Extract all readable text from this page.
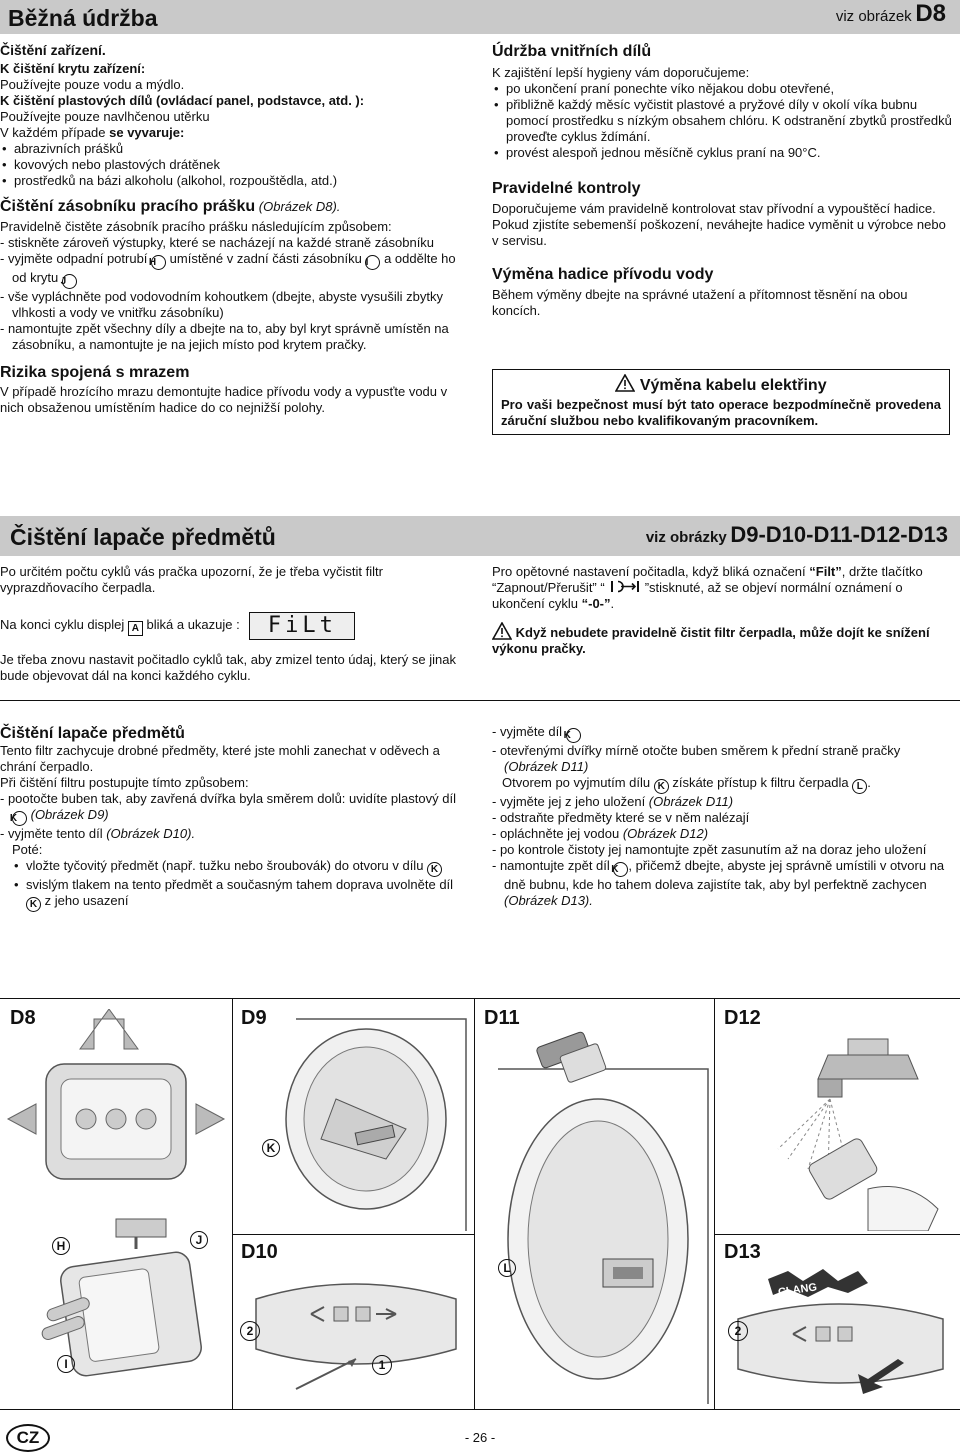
Běžná údržba	viz obrázek D8
Čištění zařízení.
K čištění krytu zařízení:
Používejte pouze vodu a mýdlo.
K čištění plastových dílů (ovládací panel, podstavce, atd. ):
Používejte pouze navlhčenou utěrku
V každém případe se vyvaruje:
• abrazivních prášků
• kovových nebo plastových drátěnek
• prostředků na bázi alkoholu (alkohol, rozpouštědla, atd.)
Čištění zásobníku pracího prášku (Obrázek D8).
Pravidelně čistěte zásobník pracího prášku následujícím způsobem:
- stiskněte zároveň výstupky, které se nacházejí na každé straně zásobníku
- vyjměte odpadní potrubí H umístěné v zadní části zásobníku I a oddělte ho od krytu J
- vše vypláchněte pod vodovodním kohoutkem (dbejte, abyste vysušili zbytky vlhkosti a vody ve vnitřku zásobníku)
- namontujte zpět všechny díly a dbejte na to, aby byl kryt správně umístěn na zásobníku, a namontujte je na jejich místo pod krytem pračky.
Rizika spojená s mrazem
V případě hrozícího mrazu demontujte hadice přívodu vody a vypusťte vodu v nich obsaženou umístěním hadice do co nejnižší polohy.
Údržba vnitřních dílů
K zajištění lepší hygieny vám doporučujeme:
• po ukončení praní ponechte víko nějakou dobu otevřené,
• přibližně každý měsíc vyčistit plastové a pryžové díly v okolí víka bubnu pomocí prostředku s nízkým obsahem chlóru. K odstranění zbytků prostředků proveďte cyklus ždímání.
• provést alespoň jednou měsíčně cyklus praní na 90°C.
Pravidelné kontroly
Doporučujeme vám pravidelně kontrolovat stav přívodní a vypouštěcí hadice. Pokud zjistíte sebemenší poškození, neváhejte hadice vyměnit u výrobce nebo v servisu.
Výměna hadice přívodu vody
Během výměny dbejte na správné utažení a přítomnost těsnění na obou koncích.
Výměna kabelu elektřiny
Pro vaši bezpečnost musí být tato operace bezpodmínečně provedena záruční službou nebo kvalifikovaným pracovníkem.
Čištění lapače předmětů	viz obrázky D9-D10-D11-D12-D13
Po určitém počtu cyklů vás pračka upozorní, že je třeba vyčistit filtr vyprazdňovacího čerpadla.
Na konci cyklu displej A bliká a ukazuje : FiLt
Je třeba znovu nastavit počitadlo cyklů tak, aby zmizel tento údaj, který se jinak bude objevovat dál na konci každého cyklu.
Pro opětovné nastavení počitadla, když bliká označení “Filt”, držte tlačítko “Zapnout/Přerušit” “	”stisknuté, až se objeví normální oznámení o ukončení cyklu “-0-”.
Když nebudete pravidelně čistit filtr čerpadla, může dojít ke snížení výkonu pračky.
Čištění lapače předmětů
Tento filtr zachycuje drobné předměty, které jste mohli zanechat v oděvech a chrání čerpadlo.
Při čištění filtru postupujte tímto způsobem:
- pootočte buben tak, aby zavřená dvířka byla směrem dolů: uvidíte plastový díl K (Obrázek D9)
- vyjměte tento díl (Obrázek D10).
Poté:
• vložte tyčovitý předmět (např. tužku nebo šroubovák) do otvoru v dílu K
• svislým tlakem na tento předmět a současným tahem doprava uvolněte díl K z jeho usazení
- vyjměte díl K
- otevřenými dvířky mírně otočte buben směrem k přední straně pračky (Obrázek D11)
Otvorem po vyjmutím dílu K získáte přístup k filtru čerpadla L .
- vyjměte jej z jeho uložení (Obrázek D11)
- odstraňte předměty které se v něm nalézají
- opláchněte jej vodou (Obrázek D12)
- po kontrole čistoty jej namontujte zpět zasunutím až na doraz jeho uložení
- namontujte zpět díl K , přičemž dbejte, abyste jej správně umístili v otvoru na dně bubnu, kde ho tahem doleva zajistíte tak, aby byl perfektně zachycen (Obrázek D13).
D8
H	J
I
D9
K
D10
2
1
D11
L
D12
D13
CLANG
2
CZ	- 26 -
